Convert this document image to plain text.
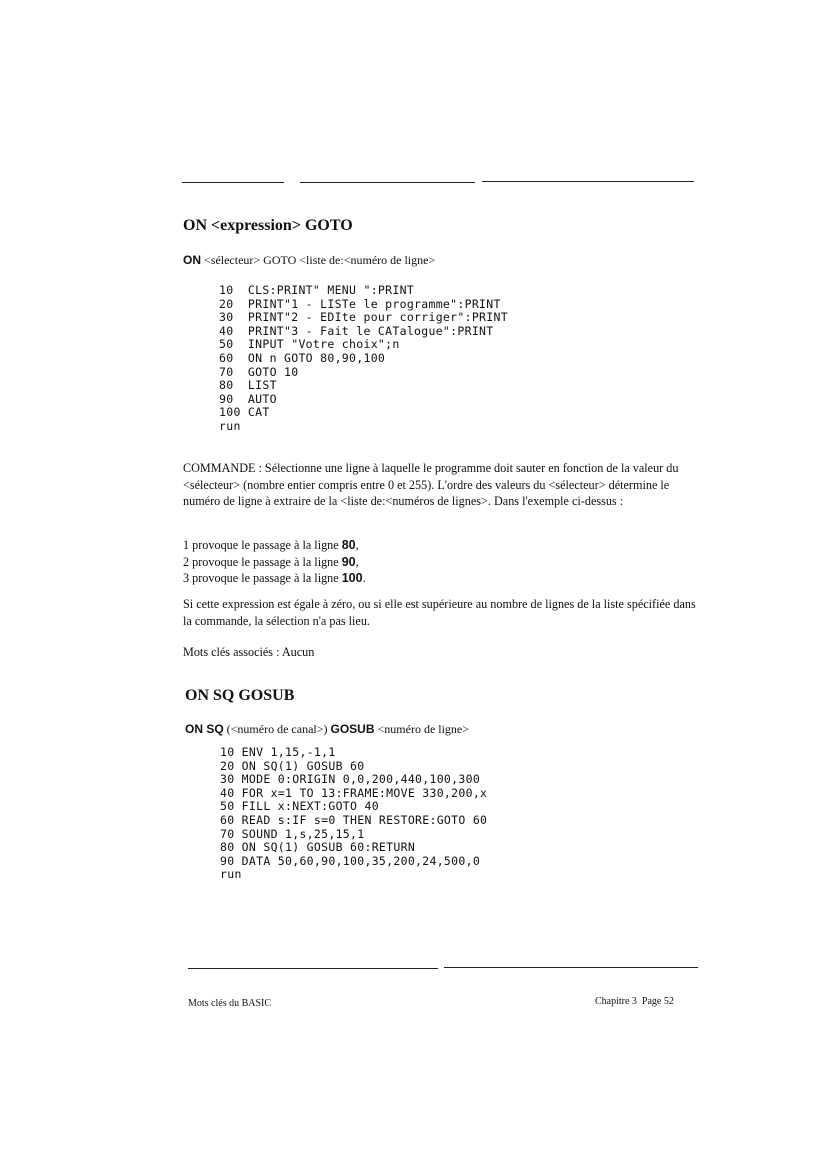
ON <expression> GOTO
ON <sélecteur> GOTO <liste de:<numéro de ligne>
10  CLS:PRINT" MENU ":PRINT
20  PRINT"1 - LISTe le programme":PRINT
30  PRINT"2 - EDIte pour corriger":PRINT
40  PRINT"3 - Fait le CATalogue":PRINT
50  INPUT "Votre choix";n
60  ON n GOTO 80,90,100
70  GOTO 10
80  LIST
90  AUTO
100 CAT
run

COMMANDE : Sélectionne une ligne à laquelle le programme doit sauter en fonction de la valeur du <sélecteur> (nombre entier compris entre 0 et 255). L'ordre des valeurs du <sélecteur> détermine le numéro de ligne à extraire de la <liste de:<numéros de lignes>. Dans l'exemple ci-dessus :

1 provoque le passage à la ligne 80,
2 provoque le passage à la ligne 90,
3 provoque le passage à la ligne 100.

Si cette expression est égale à zéro, ou si elle est supérieure au nombre de lignes de la liste spécifiée dans la commande, la sélection n'a pas lieu.

Mots clés associés : Aucun

ON SQ GOSUB
ON SQ (<numéro de canal>) GOSUB <numéro de ligne>
10 ENV 1,15,-1,1
20 ON SQ(1) GOSUB 60
30 MODE 0:ORIGIN 0,0,200,440,100,300
40 FOR x=1 TO 13:FRAME:MOVE 330,200,x
50 FILL x:NEXT:GOTO 40
60 READ s:IF s=0 THEN RESTORE:GOTO 60
70 SOUND 1,s,25,15,1
80 ON SQ(1) GOSUB 60:RETURN
90 DATA 50,60,90,100,35,200,24,500,0
run
Mots clés du BASIC	Chapitre 3  Page 52
